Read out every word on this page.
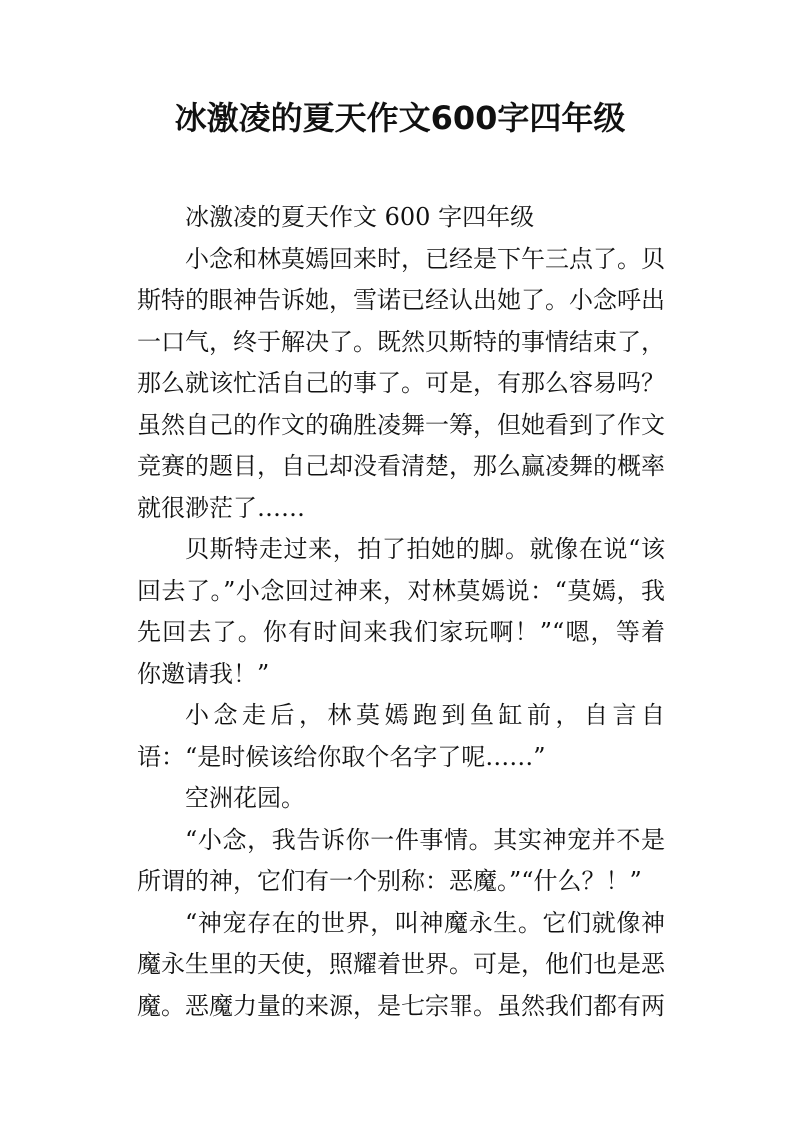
冰激凌的夏天作文600字四年级

冰激凌的夏天作文 600 字四年级

小念和林莫嫣回来时，已经是下午三点了。贝斯特的眼神告诉她，雪诺已经认出她了。小念呼出一口气，终于解决了。既然贝斯特的事情结束了，那么就该忙活自己的事了。可是，有那么容易吗？虽然自己的作文的确胜凌舞一筹，但她看到了作文竞赛的题目，自己却没看清楚，那么赢凌舞的概率就很渺茫了……

贝斯特走过来，拍了拍她的脚。就像在说“该回去了。”小念回过神来，对林莫嫣说：“莫嫣，我先回去了。你有时间来我们家玩啊！”“嗯，等着你邀请我！”

小念走后，林莫嫣跑到鱼缸前，自言自语：“是时候该给你取个名字了呢……”

空洲花园。

“小念，我告诉你一件事情。其实神宠并不是所谓的神，它们有一个别称：恶魔。”“什么？！”

“神宠存在的世界，叫神魔永生。它们就像神魔永生里的天使，照耀着世界。可是，他们也是恶魔。恶魔力量的来源，是七宗罪。虽然我们都有两
